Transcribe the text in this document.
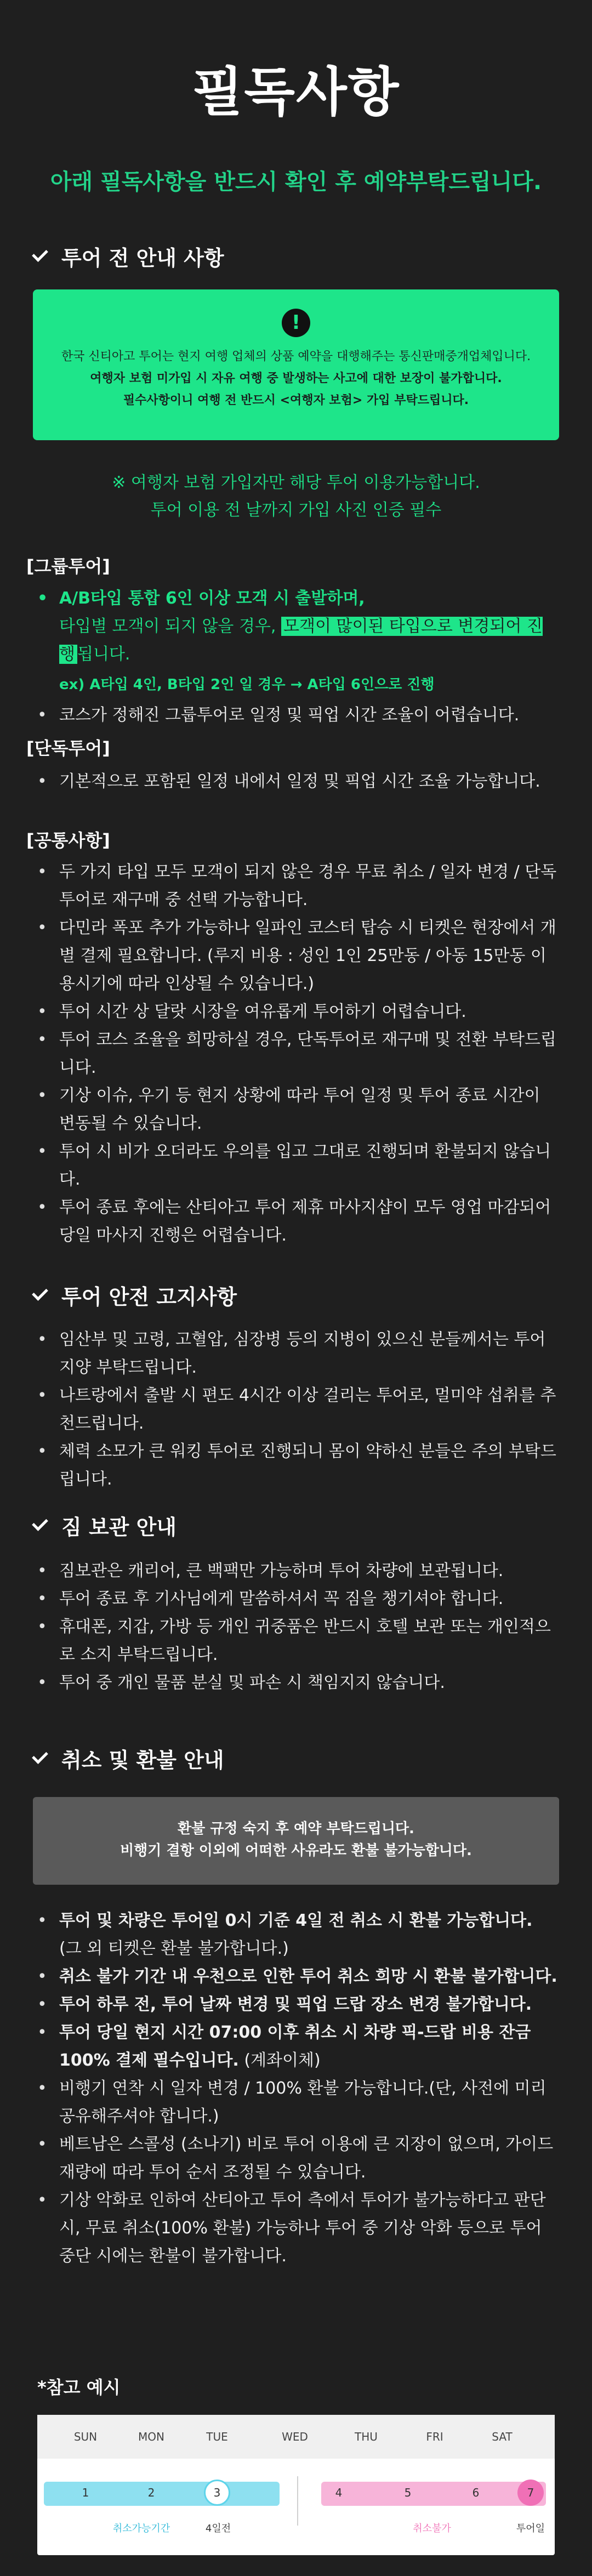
필독사항
아래 필독사항을 반드시 확인 후 예약부탁드립니다.
투어 전 안내 사항
!

한국 신티아고 투어는 현지 여행 업체의 상품 예약을 대행해주는 통신판매중개업체입니다.

여행자 보험 미가입 시 자유 여행 중 발생하는 사고에 대한 보장이 불가합니다.

필수사항이니 여행 전 반드시 <여행자 보험> 가입 부탁드립니다.

※ 여행자 보험 가입자만 해당 투어 이용가능합니다.
투어 이용 전 날까지 가입 사진 인증 필수
[그룹투어]
• A/B타입 통합 6인 이상 모객 시 출발하며,
타입별 모객이 되지 않을 경우, 모객이 많이된 타입으로 변경되어 진행 됩니다.
ex) A타입 4인, B타입 2인 일 경우 → A타입 6인으로 진행
• 코스가 정해진 그룹투어로 일정 및 픽업 시간 조율이 어렵습니다.
[단독투어]
• 기본적으로 포함된 일정 내에서 일정 및 픽업 시간 조율 가능합니다.
[공통사항]
• 두 가지 타입 모두 모객이 되지 않은 경우 무료 취소 / 일자 변경 / 단독투어로 재구매 중 선택 가능합니다.
• 다민라 폭포 추가 가능하나 일파인 코스터 탑승 시 티켓은 현장에서 개별 결제 필요합니다. (루지 비용 : 성인 1인 25만동 / 아동 15만동 이용시기에 따라 인상될 수 있습니다.)
• 투어 시간 상 달랏 시장을 여유롭게 투어하기 어렵습니다.
• 투어 코스 조율을 희망하실 경우, 단독투어로 재구매 및 전환 부탁드립니다.
• 기상 이슈, 우기 등 현지 상황에 따라 투어 일정 및 투어 종료 시간이 변동될 수 있습니다.
• 투어 시 비가 오더라도 우의를 입고 그대로 진행되며 환불되지 않습니다.
• 투어 종료 후에는 산티아고 투어 제휴 마사지샵이 모두 영업 마감되어 당일 마사지 진행은 어렵습니다.
투어 안전 고지사항
• 임산부 및 고령, 고혈압, 심장병 등의 지병이 있으신 분들께서는 투어 지양 부탁드립니다.
• 나트랑에서 출발 시 편도 4시간 이상 걸리는 투어로, 멀미약 섭취를 추천드립니다.
• 체력 소모가 큰 워킹 투어로 진행되니 몸이 약하신 분들은 주의 부탁드립니다.
짐 보관 안내
• 짐보관은 캐리어, 큰 백팩만 가능하며 투어 차량에 보관됩니다.
• 투어 종료 후 기사님에게 말씀하셔서 꼭 짐을 챙기셔야 합니다.
• 휴대폰, 지갑, 가방 등 개인 귀중품은 반드시 호텔 보관 또는 개인적으로 소지 부탁드립니다.
• 투어 중 개인 물품 분실 및 파손 시 책임지지 않습니다.
취소 및 환불 안내

환불 규정 숙지 후 예약 부탁드립니다.

비행기 결항 이외에 어떠한 사유라도 환불 불가능합니다.

• 투어 및 차량은 투어일 0시 기준 4일 전 취소 시 환불 가능합니다. (그 외 티켓은 환불 불가합니다.)
• 취소 불가 기간 내 우천으로 인한 투어 취소 희망 시 환불 불가합니다.
• 투어 하루 전, 투어 날짜 변경 및 픽업 드랍 장소 변경 불가합니다.
• 투어 당일 현지 시간 07:00 이후 취소 시 차량 픽-드랍 비용 잔금 100% 결제 필수입니다. (계좌이체)
• 비행기 연착 시 일자 변경 / 100% 환불 가능합니다.(단, 사전에 미리 공유해주셔야 합니다.)
• 베트남은 스콜성 (소나기) 비로 투어 이용에 큰 지장이 없으며, 가이드 재량에 따라 투어 순서 조정될 수 있습니다.
• 기상 악화로 인하여 산티아고 투어 측에서 투어가 불가능하다고 판단 시, 무료 취소(100% 환불) 가능하나 투어 중 기상 악화 등으로 투어 중단 시에는 환불이 불가합니다.
*참고 예시
SUN	MON	TUE	WED	THU	FRI	SAT
1	2	3	4	5	6	7
취소가능기간	4일전	취소불가	투어일
